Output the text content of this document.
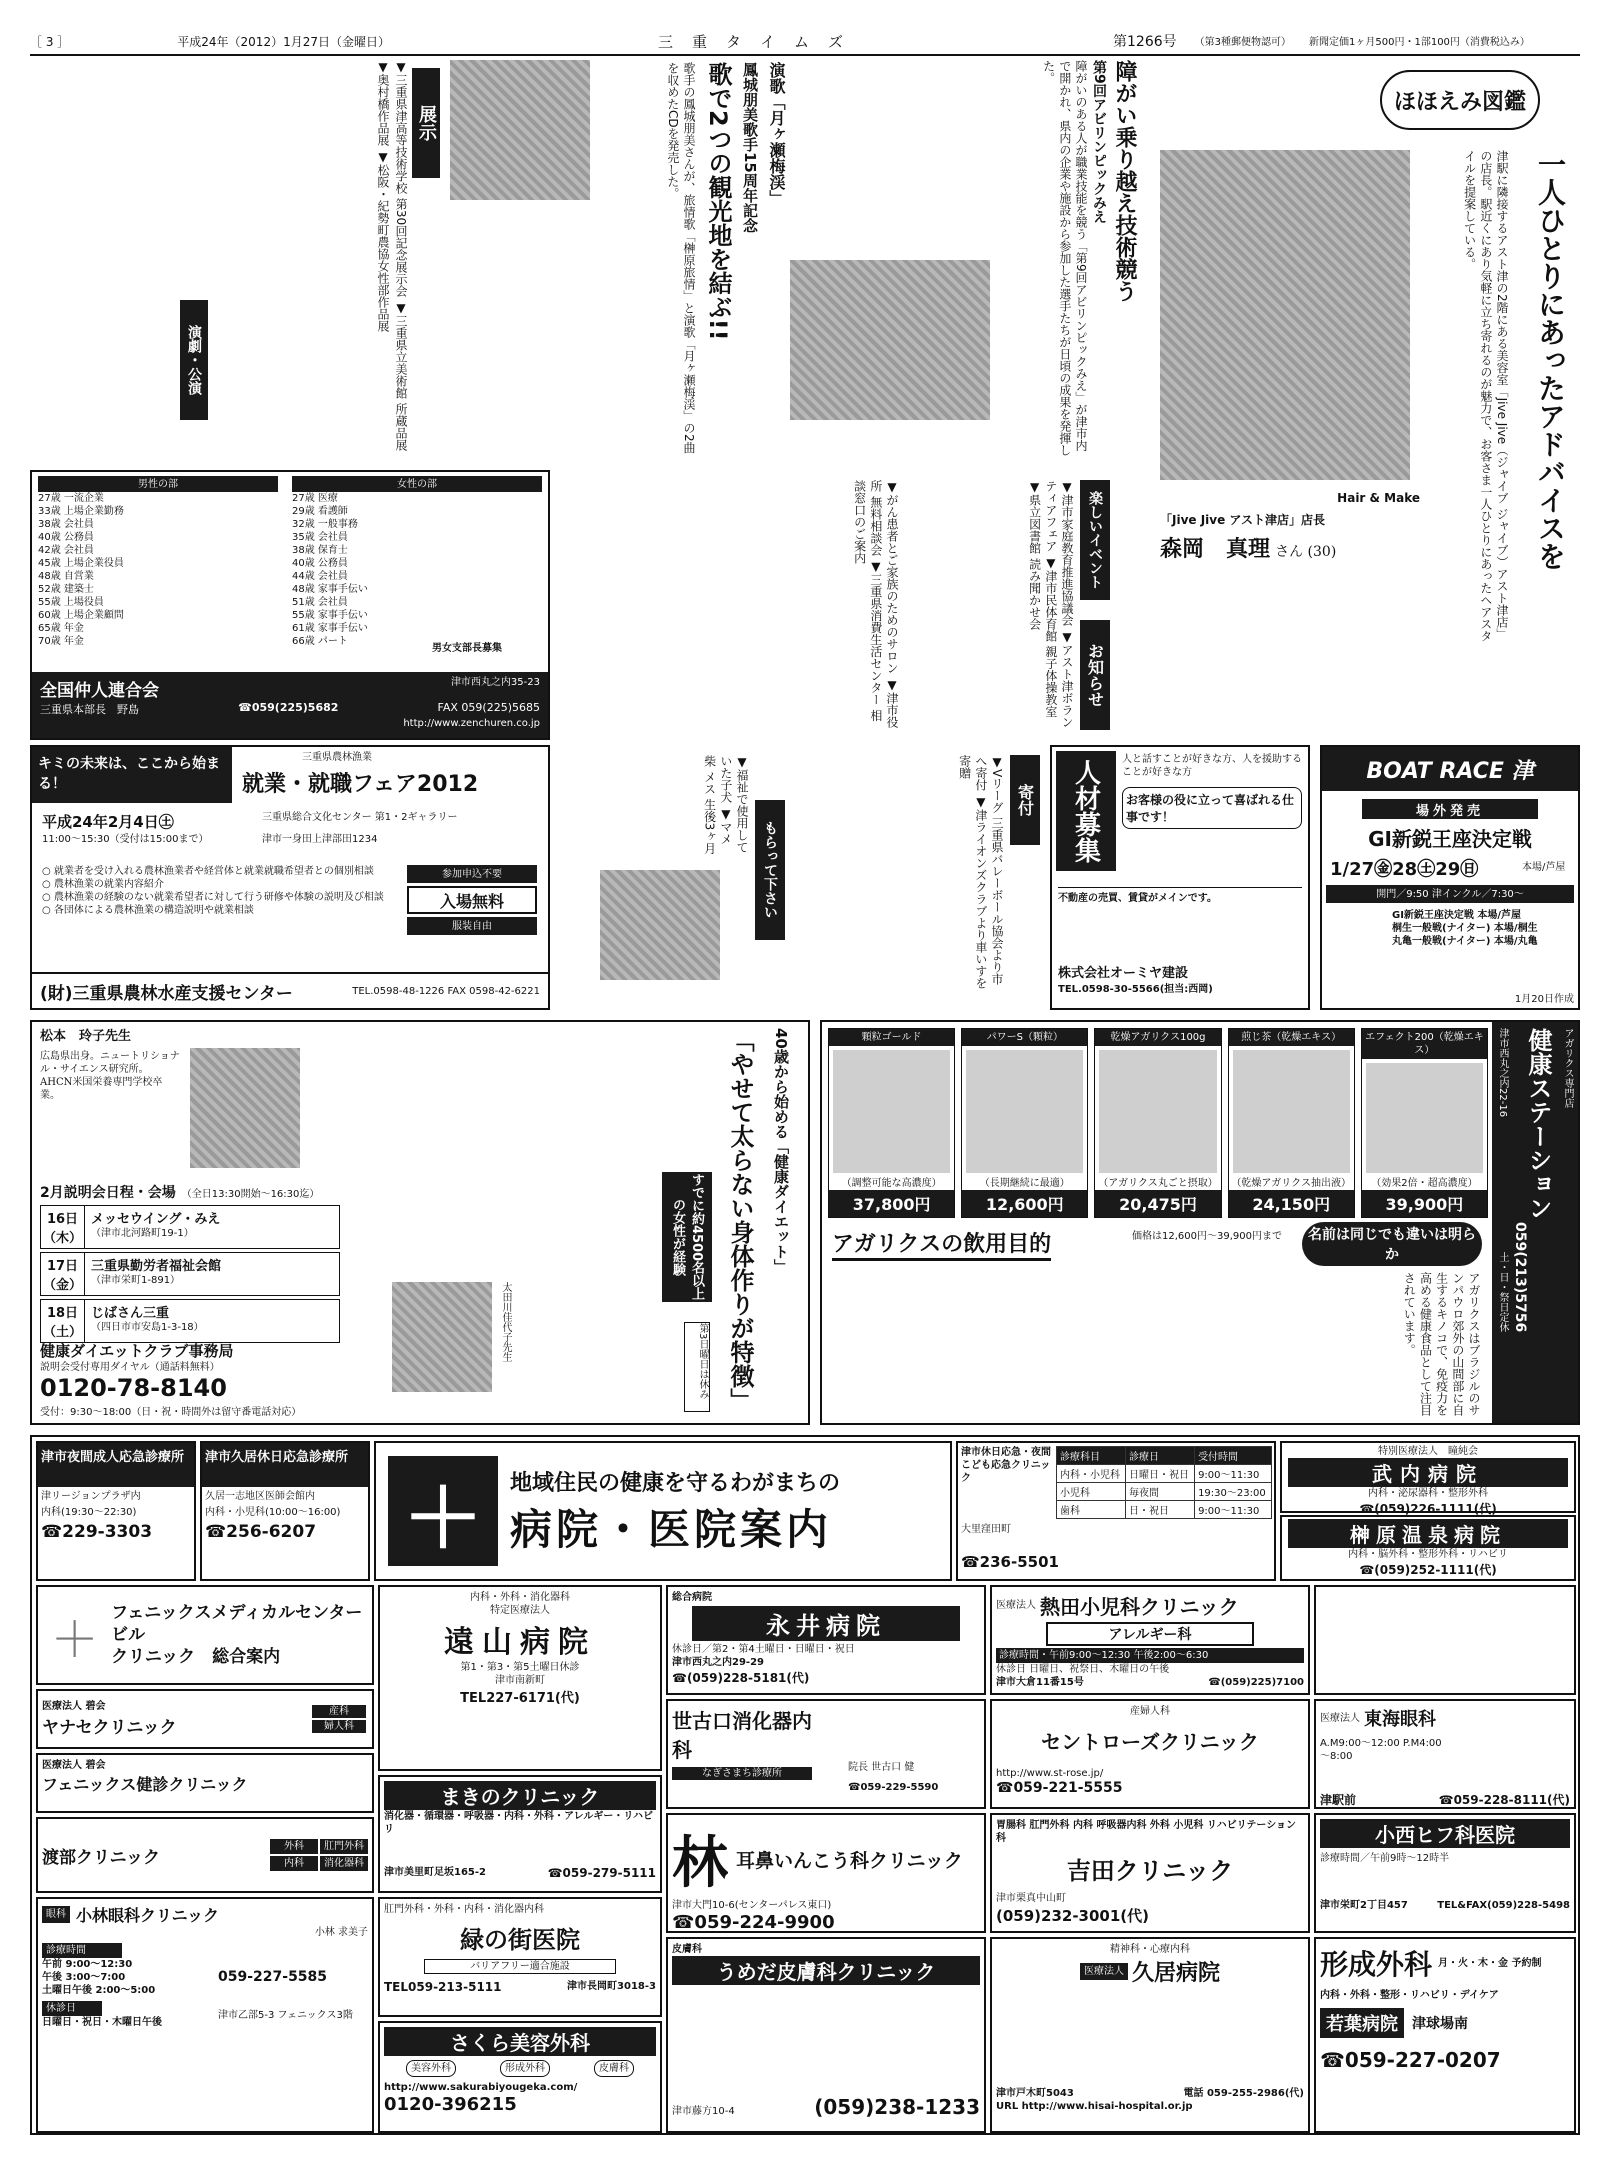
［ 3 ］	平成24年（2012）1月27日（金曜日）	三　重　タ　イ　ム　ズ	第1266号 （第3種郵便物認可） 新聞定価1ヶ月500円・1部100円（消費税込み）
▼三重県津高等技術学校 第30回記念展示会 ▼三重県立美術館 所蔵品展 ▼奥村橋作品展 ▼松阪・紀勢町農協女性部作品展	展示
演劇・公演
演歌「月ヶ瀬梅渓」
鳳城朋美歌手15周年記念
歌で2つの観光地を結ぶ!!
歌手の鳳城朋美さんが、旅情歌「榊原旅情」と演歌「月ヶ瀬梅渓」の2曲を収めたCDを発売した。	障がい乗り越え技術競う
第9回アビリンピックみえ
障がいのある人が職業技能を競う「第9回アビリンピックみえ」が津市内で開かれ、県内の企業や施設から参加した選手たちが日頃の成果を発揮した。
ほほえみ図鑑
一人ひとりにあったアドバイスを
津駅に隣接するアスト津の2階にある美容室「Jive Jive（ジャイブ ジャイブ）アスト津店」の店長。駅近くにあり気軽に立ち寄れるのが魅力で、お客さま一人ひとりにあったヘアスタイルを提案している。
Hair & Make
「Jive Jive アスト津店」店長
森岡　真理 さん (30)
男性の部
27歳 一流企業
33歳 上場企業勤務
38歳 会社員
40歳 公務員
42歳 会社員
45歳 上場企業役員
48歳 自営業
52歳 建築士
55歳 上場役員
60歳 上場企業顧問
65歳 年金
70歳 年金
女性の部
27歳 医療
29歳 看護師
32歳 一般事務
35歳 会社員
38歳 保育士
40歳 公務員
44歳 会社員
48歳 家事手伝い
51歳 会社員
55歳 家事手伝い
61歳 家事手伝い
66歳 パート
男女支部長募集
全国仲人連合会	津市西丸之内35-23
三重県本部長　野島	☎059(225)5682	FAX 059(225)5685
http://www.zenchuren.co.jp
楽しいイベント
▼津市家庭教育推進協議会 ▼アスト津ボランティアフェア ▼津市民体育館 親子体操教室 ▼県立図書館 読み聞かせ会
お知らせ
▼がん患者とご家族のためのサロン ▼津市役所 無料相談会 ▼三重県消費生活センター 相談窓口のご案内
キミの未来は、ここから始まる！
三重県農林漁業
就業・就職フェア2012
平成24年2月4日㊏
11:00～15:30（受付は15:00まで）
三重県総合文化センター 第1・2ギャラリー
津市一身田上津部田1234
○ 就業者を受け入れる農林漁業者や経営体と就業就職希望者との個別相談
○ 農林漁業の就業内容紹介
○ 農林漁業の経験のない就業希望者に対して行う研修や体験の説明及び相談
○ 各団体による農林漁業の構造説明や就業相談
参加申込不要
入場無料
服装自由
(財)三重県農林水産支援センター	TEL.0598-48-1226 FAX 0598-42-6221
寄付
▼Vリーグ 三重県バレーボール協会より市へ寄付 ▼津ライオンズクラブより車いすを寄贈
もらって下さい
▼福祉で使用していた子犬 ▼マメ柴 メス 生後3ヶ月	人材募集	人と話すことが好きな方、人を援助することが好きな方
お客様の役に立って喜ばれる仕事です！
不動産の売買、賃貸がメインです。
株式会社オーミヤ建設
TEL.0598-30-5566(担当:西岡)
BOAT RACE 津
場外発売
GI新鋭王座決定戦
1/27㊎28㊏29㊐	本場/芦屋
開門／9:50 津インクル／7:30～
GI新鋭王座決定戦 本場/芦屋
桐生一般戦(ナイター) 本場/桐生
丸亀一般戦(ナイター) 本場/丸亀
1月20日作成
松本　玲子先生
広島県出身。ニュートリショナル・サイエンス研究所。AHCN米国栄養専門学校卒業。	40歳から始める「健康ダイエット」
「やせて太らない身体作りが特徴」
すでに約4500名以上の女性が経験
第3日曜日は休み
2月説明会日程・会場 （全日13:30開始～16:30迄）
16日（木）
メッセウイング・みえ
（津市北河路町19-1）
17日（金）
三重県勤労者福祉会館
（津市栄町1-891）
18日（土）
じばさん三重
（四日市市安島1-3-18）
健康ダイエットクラブ事務局
説明会受付専用ダイヤル（通話料無料）
0120-78-8140
受付：9:30～18:00（日・祝・時間外は留守番電話対応）
太田川佳代子先生
顆粒ゴールド
（調整可能な高濃度）
37,800円
パワーS（顆粒）
（長期継続に最適）
12,600円
乾燥アガリクス100g
（アガリクス丸ごと摂取）
20,475円
煎じ茶（乾燥エキス）
（乾燥アガリクス抽出液）
24,150円
エフェクト200（乾燥エキス）
（効果2倍・超高濃度）
39,900円
アガリクスの飲用目的	価格は12,600円～39,900円まで	名前は同じでも違いは明らか
アガリクスはブラジルのサンパウロ郊外の山間部に自生するキノコで、免疫力を高める健康食品として注目されています。
アガリクス専門店
健康ステーション
津市西丸之内22-16
059(213)5756
土・日・祭日定休
津市夜間成人応急診療所
津リージョンプラザ内
内科(19:30～22:30)
☎229-3303
津市久居休日応急診療所
久居一志地区医師会館内
内科・小児科(10:00～16:00)
☎256-6207	＋	地域住民の健康を守るわがまちの
病院・医院案内
津市休日応急・夜間こども応急クリニック
大里窪田町
☎236-5501
診療科目	診療日	受付時間
内科・小児科	日曜日・祝日	9:00～11:30
小児科	毎夜間	19:30～23:00
歯科	日・祝日	9:00～11:30
特別医療法人　瞳純会
武内病院
内科・泌尿器科・整形外科
☎(059)226-1111(代)
榊原温泉病院
内科・脳外科・整形外科・リハビリ
☎(059)252-1111(代)
＋ フェニックスメディカルセンタービル
クリニック　総合案内
内科・外科・消化器科
特定医療法人
遠山病院
第1・第3・第5土曜日休診
津市南新町
TEL227-6171(代)
総合病院
永井病院
休診日／第2・第4土曜日・日曜日・祝日
津市西丸之内29-29
☎(059)228-5181(代)
医療法人 熱田小児科クリニック
アレルギー科
診療時間・午前9:00～12:30 午後2:00～6:30
休診日 日曜日、祝祭日、木曜日の午後
津市大倉11番15号	☎(059)225)7100
医療法人 碧会
ヤナセクリニック
産科
婦人科
医療法人 碧会
フェニックス健診クリニック
渡部クリニック
外科	肛門外科
内科	消化器科
まきのクリニック
消化器・循環器・呼吸器・内科・外科・アレルギー・リハビリ
津市美里町足坂165-2	☎059-279-5111
世古口消化器内科
なぎさまち診療所
院長 世古口 健
☎059-229-5590
産婦人科
セントローズクリニック
http://www.st-rose.jp/
☎059-221-5555
医療法人 東海眼科
A.M9:00～12:00 P.M4:00～8:00
津駅前	☎059-228-8111(代)
林 耳鼻いんこう科クリニック
津市大門10-6(センターパレス東口)
☎059-224-9900
胃腸科 肛門外科 内科 呼吸器内科 外科 小児科 リハビリテーション科
吉田クリニック
津市栗真中山町
(059)232-3001(代)
小西ヒフ科医院
診療時間／午前9時～12時半
津市栄町2丁目457	TEL&FAX(059)228-5498
肛門外科・外科・内科・消化器内科
緑の街医院
バリアフリー適合施設
TEL059-213-5111	津市長岡町3018-3
眼科 小林眼科クリニック
小林 求美子
診療時間
午前 9:00～12:30
午後 3:00～7:00
土曜日午後 2:00～5:00
休診日
日曜日・祝日・木曜日午後
059-227-5585
津市乙部5-3 フェニックス3階
さくら美容外科
美容外科	形成外科	皮膚科
http://www.sakurabiyougeka.com/
0120-396215
皮膚科
うめだ皮膚科クリニック
津市藤方10-4	(059)238-1233
精神科・心療内科
医療法人 久居病院
津市戸木町5043	電話 059-255-2986(代)
URL http://www.hisai-hospital.or.jp
形成外科 月・火・木・金 予約制
内科・外科・整形・リハビリ・デイケア
若葉病院	津球場南
☎059-227-0207
